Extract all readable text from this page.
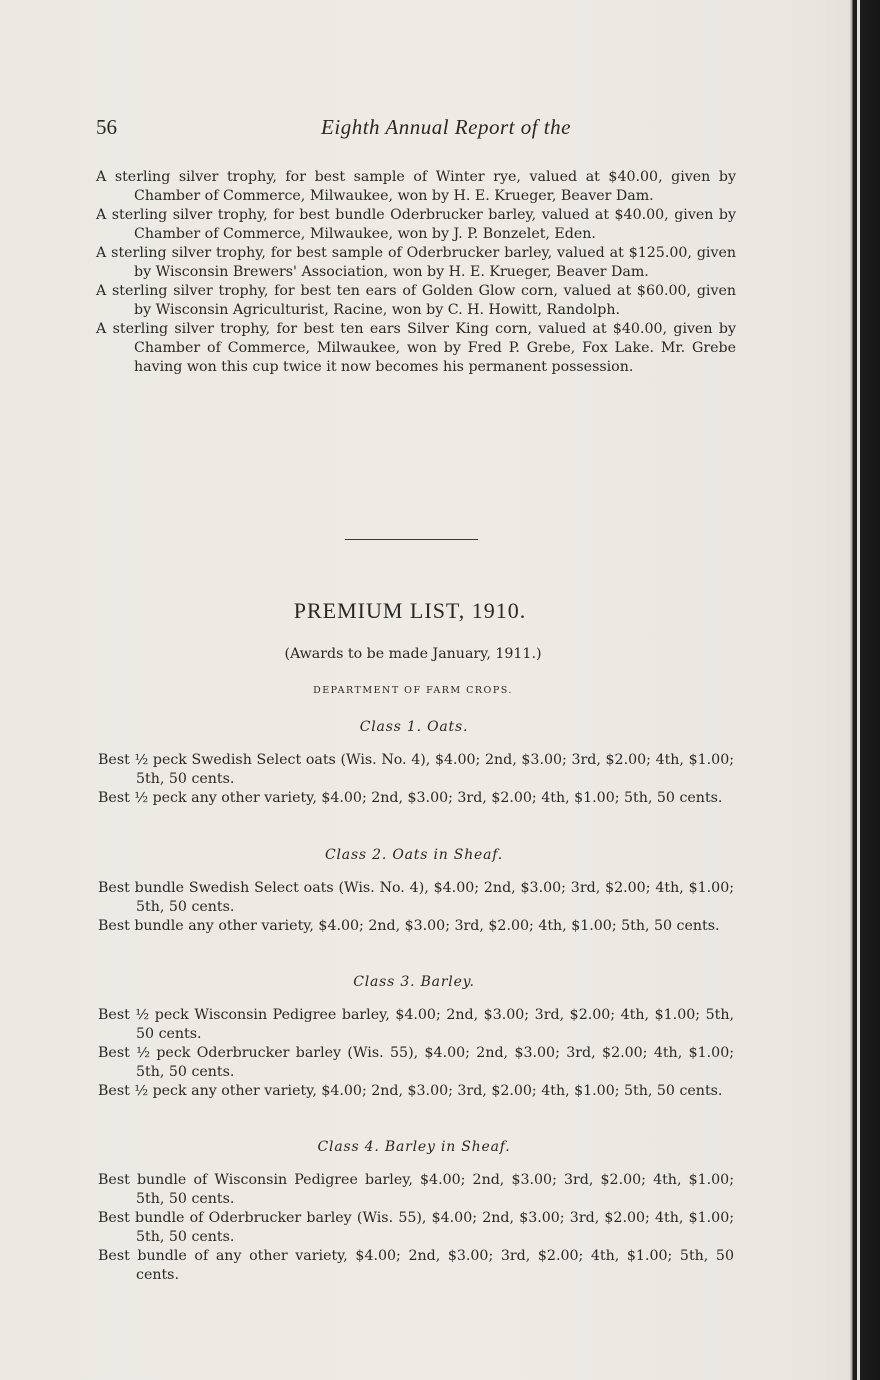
56	Eighth Annual Report of the

A sterling silver trophy, for best sample of Winter rye, valued at $40.00, given by Chamber of Commerce, Milwaukee, won by H. E. Krueger, Beaver Dam.

A sterling silver trophy, for best bundle Oderbrucker barley, valued at $40.00, given by Chamber of Commerce, Milwaukee, won by J. P. Bonzelet, Eden.

A sterling silver trophy, for best sample of Oderbrucker barley, valued at $125.00, given by Wisconsin Brewers' Association, won by H. E. Krueger, Beaver Dam.

A sterling silver trophy, for best ten ears of Golden Glow corn, valued at $60.00, given by Wisconsin Agriculturist, Racine, won by C. H. Howitt, Randolph.

A sterling silver trophy, for best ten ears Silver King corn, valued at $40.00, given by Chamber of Commerce, Milwaukee, won by Fred P. Grebe, Fox Lake. Mr. Grebe having won this cup twice it now becomes his permanent possession.

PREMIUM LIST, 1910.
(Awards to be made January, 1911.)
DEPARTMENT OF FARM CROPS.
Class 1. Oats.

Best ½ peck Swedish Select oats (Wis. No. 4), $4.00; 2nd, $3.00; 3rd, $2.00; 4th, $1.00; 5th, 50 cents.

Best ½ peck any other variety, $4.00; 2nd, $3.00; 3rd, $2.00; 4th, $1.00; 5th, 50 cents.

Class 2. Oats in Sheaf.

Best bundle Swedish Select oats (Wis. No. 4), $4.00; 2nd, $3.00; 3rd, $2.00; 4th, $1.00; 5th, 50 cents.

Best bundle any other variety, $4.00; 2nd, $3.00; 3rd, $2.00; 4th, $1.00; 5th, 50 cents.

Class 3. Barley.

Best ½ peck Wisconsin Pedigree barley, $4.00; 2nd, $3.00; 3rd, $2.00; 4th, $1.00; 5th, 50 cents.

Best ½ peck Oderbrucker barley (Wis. 55), $4.00; 2nd, $3.00; 3rd, $2.00; 4th, $1.00; 5th, 50 cents.

Best ½ peck any other variety, $4.00; 2nd, $3.00; 3rd, $2.00; 4th, $1.00; 5th, 50 cents.

Class 4. Barley in Sheaf.

Best bundle of Wisconsin Pedigree barley, $4.00; 2nd, $3.00; 3rd, $2.00; 4th, $1.00; 5th, 50 cents.

Best bundle of Oderbrucker barley (Wis. 55), $4.00; 2nd, $3.00; 3rd, $2.00; 4th, $1.00; 5th, 50 cents.

Best bundle of any other variety, $4.00; 2nd, $3.00; 3rd, $2.00; 4th, $1.00; 5th, 50 cents.
